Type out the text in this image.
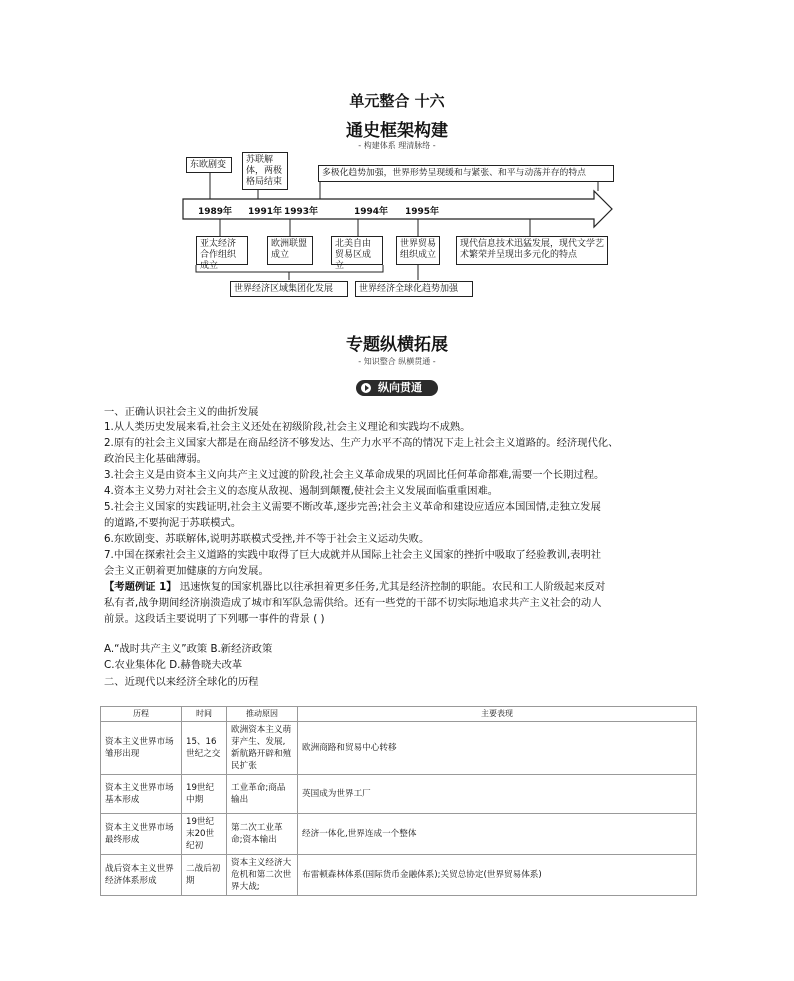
单元整合 十六
通史框架构建
- 构建体系 理清脉络 -
东欧剧变	苏联解体，两极格局结束
多极化趋势加强，世界形势呈现缓和与紧张、和平与动荡并存的特点
1989年 1991年 1993年	1994年 1995年
亚太经济合作组织成立
欧洲联盟成立
北美自由贸易区成立
世界贸易组织成立
现代信息技术迅猛发展，现代文学艺术繁荣并呈现出多元化的特点
世界经济区域集团化发展	世界经济全球化趋势加强
专题纵横拓展
- 知识整合 纵横贯通 -
纵向贯通
一、正确认识社会主义的曲折发展
1.从人类历史发展来看,社会主义还处在初级阶段,社会主义理论和实践均不成熟。
2.原有的社会主义国家大都是在商品经济不够发达、生产力水平不高的情况下走上社会主义道路的。经济现代化、
政治民主化基础薄弱。
3.社会主义是由资本主义向共产主义过渡的阶段,社会主义革命成果的巩固比任何革命都难,需要一个长期过程。
4.资本主义势力对社会主义的态度从敌视、遏制到颠覆,使社会主义发展面临重重困难。
5.社会主义国家的实践证明,社会主义需要不断改革,逐步完善;社会主义革命和建设应适应本国国情,走独立发展
的道路,不要拘泥于苏联模式。
6.东欧剧变、苏联解体,说明苏联模式受挫,并不等于社会主义运动失败。
7.中国在探索社会主义道路的实践中取得了巨大成就并从国际上社会主义国家的挫折中吸取了经验教训,表明社
会主义正朝着更加健康的方向发展。
【考题例证 1】 迅速恢复的国家机器比以往承担着更多任务,尤其是经济控制的职能。农民和工人阶级起来反对
私有者,战争期间经济崩溃造成了城市和军队急需供给。还有一些党的干部不切实际地追求共产主义社会的动人
前景。这段话主要说明了下列哪一事件的背景 ( )
A.“战时共产主义”政策 B.新经济政策
C.农业集体化 D.赫鲁晓夫改革
二、近现代以来经济全球化的历程
历程	时间	推动原因	主要表现
资本主义世界市场雏形出现	15、16世纪之交	欧洲资本主义萌芽产生、发展,新航路开辟和殖民扩张	欧洲商路和贸易中心转移
资本主义世界市场基本形成	19世纪中期	工业革命;商品输出	英国成为世界工厂
资本主义世界市场最终形成	19世纪末20世纪初	第二次工业革命;资本输出	经济一体化,世界连成一个整体
战后资本主义世界经济体系形成	二战后初期	资本主义经济大危机和第二次世界大战;	布雷顿森林体系(国际货币金融体系);关贸总协定(世界贸易体系)
